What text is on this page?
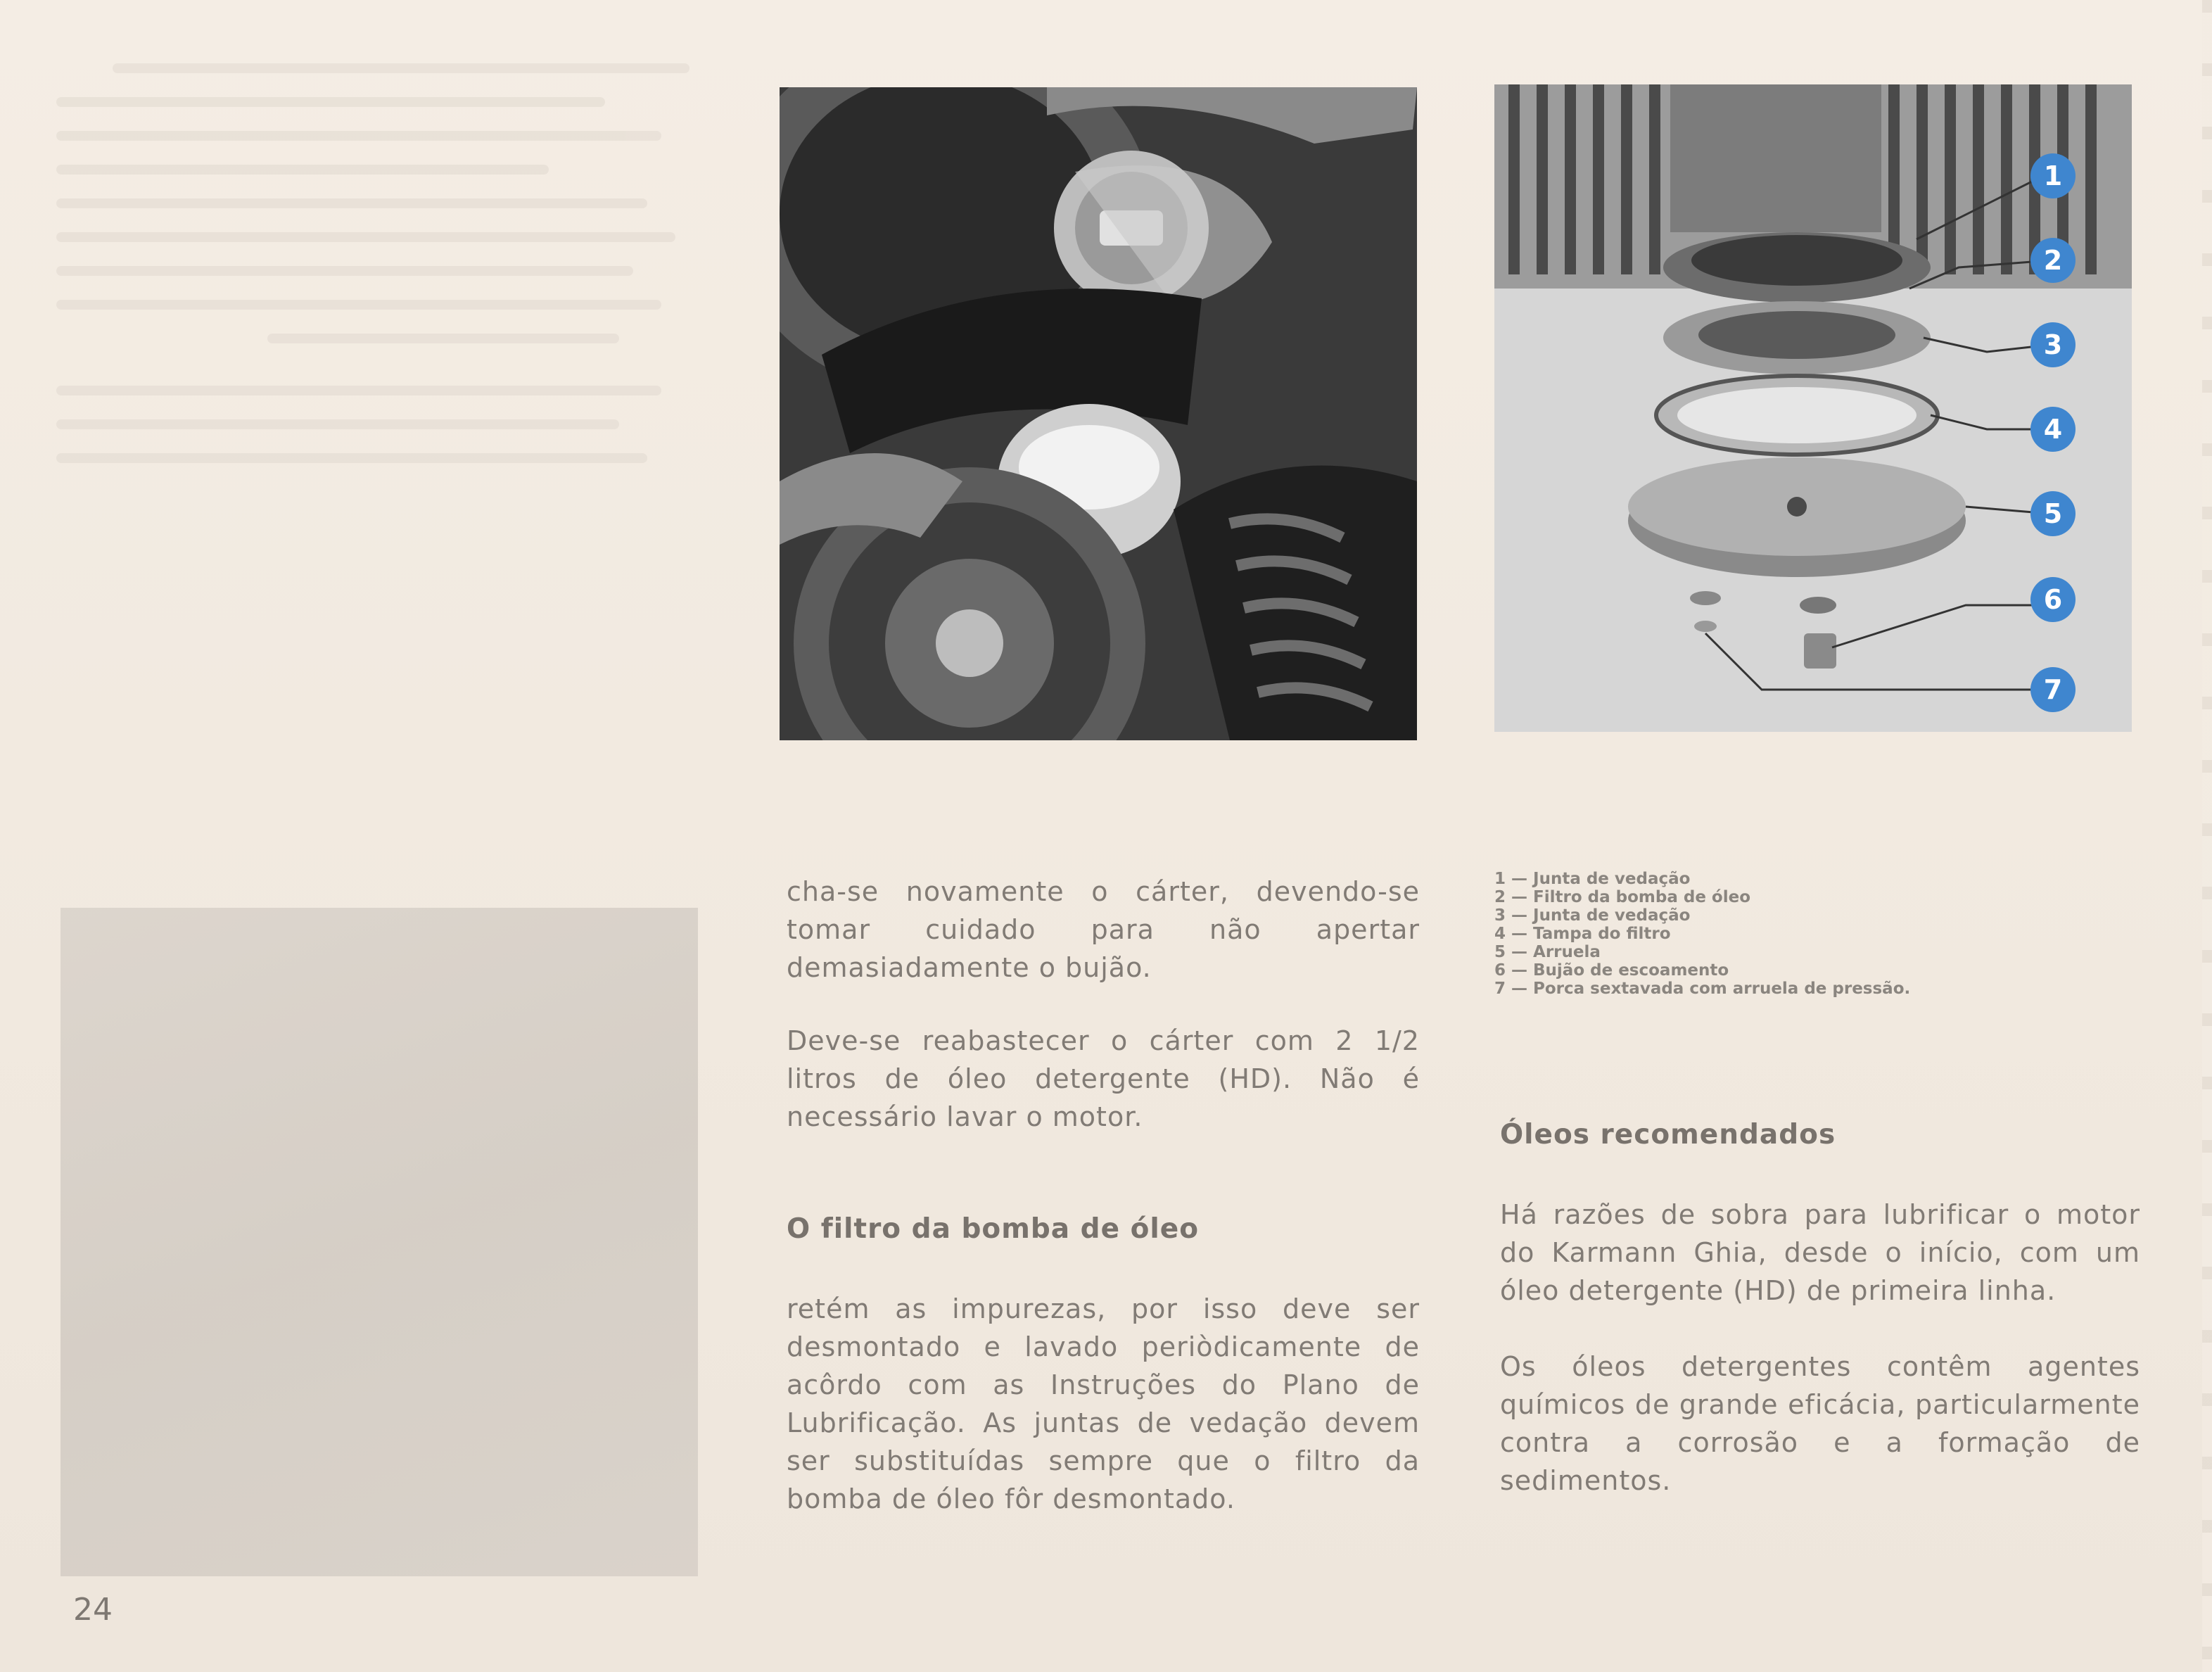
1
2
3
4
5
6
7

cha-se novamente o cárter, devendo-se tomar cuidado para não apertar demasiadamente o bujão.

Deve-se reabastecer o cárter com 2 1/2 litros de óleo detergente (HD). Não é necessário lavar o motor.

O filtro da bomba de óleo

retém as impurezas, por isso deve ser desmontado e lavado periòdicamente de acôrdo com as Instruções do Plano de Lubrificação. As juntas de vedação devem ser substituídas sempre que o filtro da bomba de óleo fôr desmontado.

1 — Junta de vedação
2 — Filtro da bomba de óleo
3 — Junta de vedação
4 — Tampa do filtro
5 — Arruela
6 — Bujão de escoamento
7 — Porca sextavada com arruela de pressão.

Óleos recomendados

Há razões de sobra para lubrificar o motor do Karmann Ghia, desde o início, com um óleo detergente (HD) de primeira linha.

Os óleos detergentes contêm agentes químicos de grande eficácia, particularmente contra a corrosão e a formação de sedimentos.

24
